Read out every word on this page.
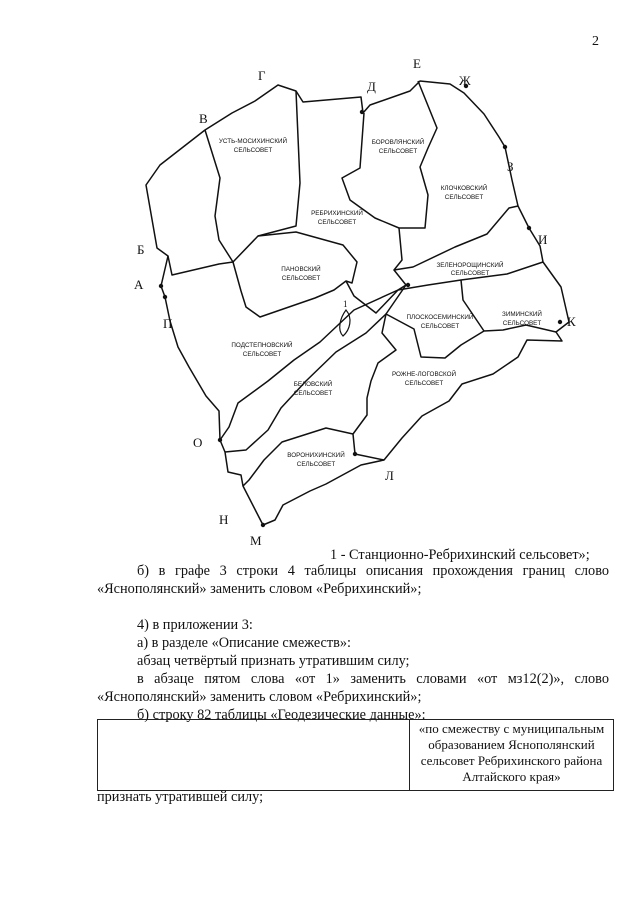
2
Г
Д
Е
Ж
В
З
И
Б
А
П	К
О
Л
Н
М
1
УСТЬ-МОСИХИНСКИЙ
СЕЛЬСОВЕТ
РЕБРИХИНСКИЙ
СЕЛЬСОВЕТ
БОРОВЛЯНСКИЙ
СЕЛЬСОВЕТ
КЛОЧКОВСКИЙ
СЕЛЬСОВЕТ
ЗЕЛЕНОРОЩИНСКИЙ
СЕЛЬСОВЕТ
ПАНОВСКИЙ
СЕЛЬСОВЕТ
ПОДСТЕПНОВСКИЙ
СЕЛЬСОВЕТ
ПЛОСКОСЕМИНСКИЙ
СЕЛЬСОВЕТ
ЗИМИНСКИЙ
СЕЛЬСОВЕТ
БЕЛОВСКИЙ
СЕЛЬСОВЕТ
РОЖНЕ-ЛОГОВСКОЙ
СЕЛЬСОВЕТ
ВОРОНИХИНСКИЙ
СЕЛЬСОВЕТ
1 - Станционно-Ребрихинский сельсовет»;

б) в графе 3 строки 4 таблицы описания прохождения границ слово

«Яснополянский» заменить словом «Ребрихинский»;

4) в приложении 3:

а) в разделе «Описание смежеств»:

абзац четвёртый признать утратившим силу;

в абзаце пятом слова «от 1» заменить словами «от мз12(2)», слово

«Яснополянский» заменить словом «Ребрихинский»;

б) строку 82 таблицы «Геодезические данные»:

«по смежеству с муниципальным
образованием Яснополянский
сельсовет Ребрихинского района
Алтайского края»
признать утратившей силу;
